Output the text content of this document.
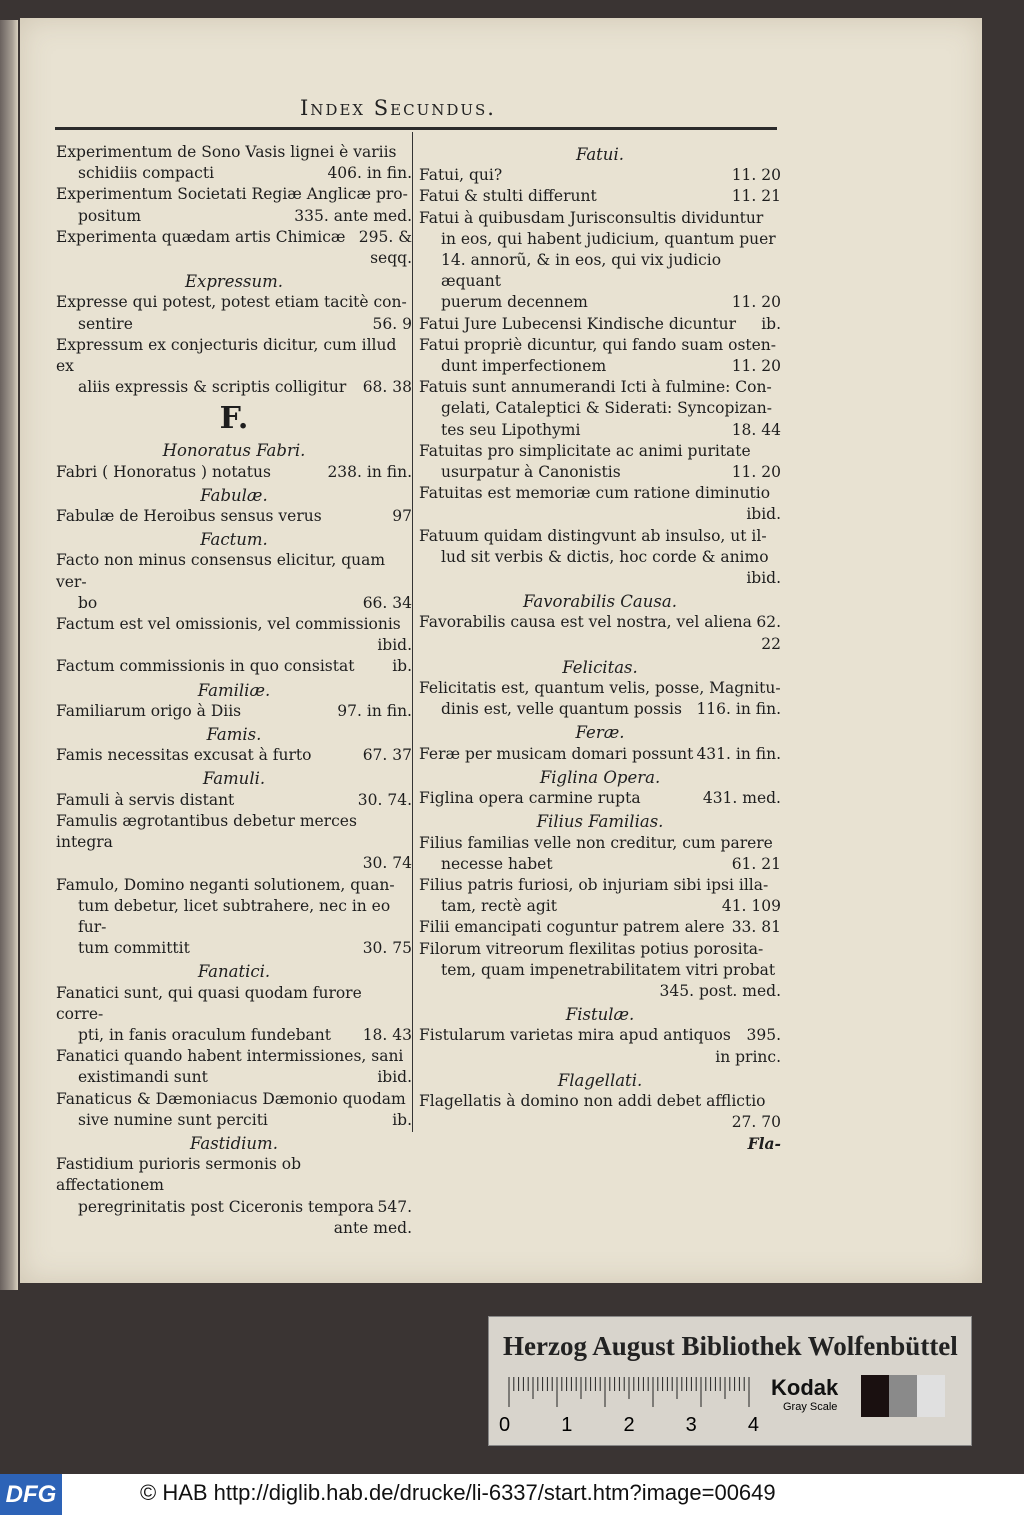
Index Secundus.
Experimentum de Sono Vasis lignei è variis
schidiis compacti	406. in fin.
Experimentum Societati Regiæ Anglicæ pro-
positum	335. ante med.
Experimenta quædam artis Chimicæ 295. &
seqq.
Expressum.
Expresse qui potest, potest etiam tacitè con-
sentire	56. 9
Expressum ex conjecturis dicitur, cum illud ex
aliis expressis & scriptis colligitur 68. 38
F.
Honoratus Fabri.
Fabri ( Honoratus ) notatus	238. in fin.
Fabulæ.
Fabulæ de Heroibus sensus verus	97
Factum.
Facto non minus consensus elicitur, quam ver-
bo	66. 34
Factum est vel omissionis, vel commissionis
ibid.
Factum commissionis in quo consistat ib.
Familiæ.
Familiarum origo à Diis	97. in fin.
Famis.
Famis necessitas excusat à furto	67. 37
Famuli.
Famuli à servis distant	30. 74.
Famulis ægrotantibus debetur merces integra
30. 74
Famulo, Domino neganti solutionem, quan-
tum debetur, licet subtrahere, nec in eo fur-
tum committit	30. 75
Fanatici.
Fanatici sunt, qui quasi quodam furore corre-
pti, in fanis oraculum fundebant 18. 43
Fanatici quando habent intermissiones, sani
existimandi sunt	ibid.
Fanaticus & Dæmoniacus Dæmonio quodam
sive numine sunt perciti	ib.
Fastidium.
Fastidium purioris sermonis ob affectationem
peregrinitatis post Ciceronis tempora 547.
ante med.
Fatui.
Fatui, qui?	11. 20
Fatui & stulti differunt	11. 21
Fatui à quibusdam Jurisconsultis dividuntur
in eos, qui habent judicium, quantum puer
14. annorũ, & in eos, qui vix judicio æquant
puerum decennem	11. 20
Fatui Jure Lubecensi Kindische dicuntur ib.
Fatui propriè dicuntur, qui fando suam osten-
dunt imperfectionem	11. 20
Fatuis sunt annumerandi Icti à fulmine: Con-
gelati, Cataleptici & Siderati: Syncopizan-
tes seu Lipothymi	18. 44
Fatuitas pro simplicitate ac animi puritate
usurpatur à Canonistis	11. 20
Fatuitas est memoriæ cum ratione diminutio
ibid.
Fatuum quidam distingvunt ab insulso, ut il-
lud sit verbis & dictis, hoc corde & animo
ibid.
Favorabilis Causa.
Favorabilis causa est vel nostra, vel aliena 62.
22
Felicitas.
Felicitatis est, quantum velis, posse, Magnitu-
dinis est, velle quantum possis 116. in fin.
Feræ.
Feræ per musicam domari possunt 431. in fin.
Figlina Opera.
Figlina opera carmine rupta	431. med.
Filius Familias.
Filius familias velle non creditur, cum parere
necesse habet	61. 21
Filius patris furiosi, ob injuriam sibi ipsi illa-
tam, rectè agit	41. 109
Filii emancipati coguntur patrem alere 33. 81
Filorum vitreorum flexilitas potius porosita-
tem, quam impenetrabilitatem vitri probat
345. post. med.
Fistulæ.
Fistularum varietas mira apud antiquos 395.
in princ.
Flagellati.
Flagellatis à domino non addi debet afflictio
27. 70
Fla-
Herzog August Bibliothek Wolfenbüttel
0	1	2	3	4
Kodak
Gray Scale
DFG	© HAB http://diglib.hab.de/drucke/li-6337/start.htm?image=00649
